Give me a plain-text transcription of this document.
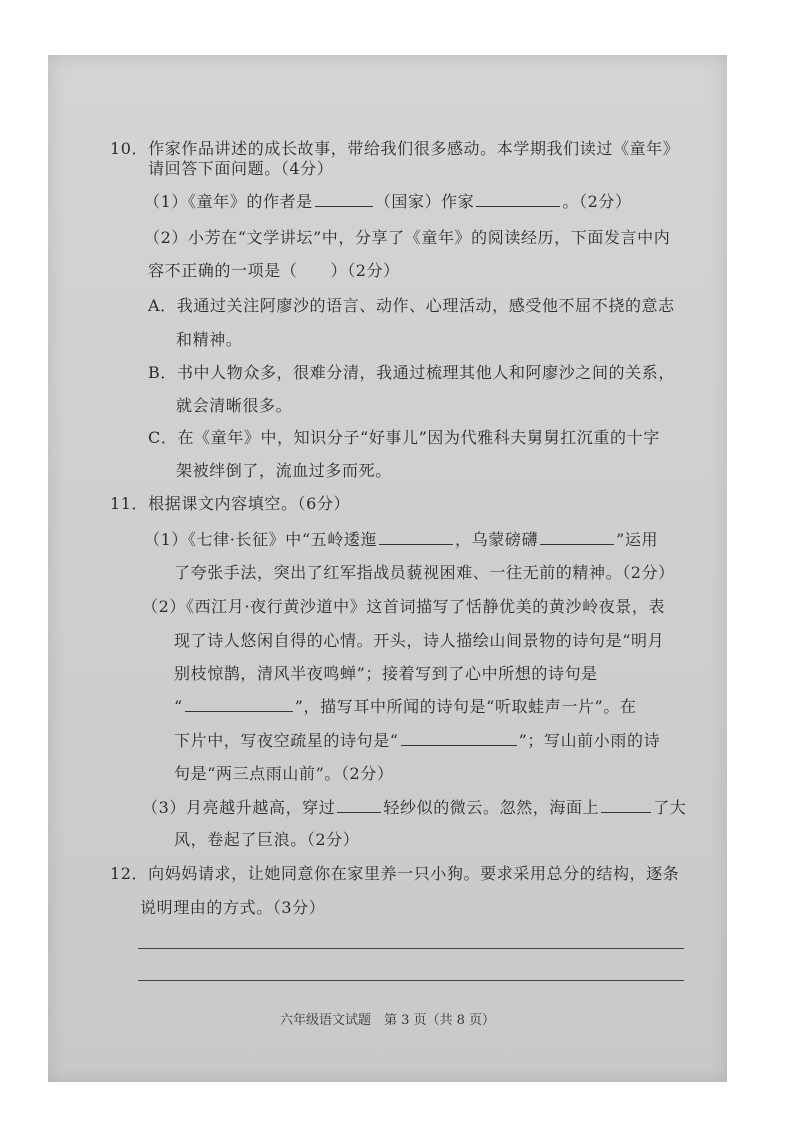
10．作家作品讲述的成长故事，带给我们很多感动。本学期我们读过《童年》
请回答下面问题。（4分）
（1）《童年》的作者是	（国家）作家	。（2分）
（2）小芳在“文学讲坛”中，分享了《童年》的阅读经历，下面发言中内
容不正确的一项是（　　）（2分）
A．我通过关注阿廖沙的语言、动作、心理活动，感受他不屈不挠的意志
和精神。
B．书中人物众多，很难分清，我通过梳理其他人和阿廖沙之间的关系，
就会清晰很多。
C．在《童年》中，知识分子“好事儿”因为代雅科夫舅舅扛沉重的十字
架被绊倒了，流血过多而死。
11．根据课文内容填空。（6分）
（1）《七律·长征》中“五岭逶迤	，乌蒙磅礴	”运用
了夸张手法，突出了红军指战员藐视困难、一往无前的精神。（2分）
（2）《西江月·夜行黄沙道中》这首词描写了恬静优美的黄沙岭夜景，表
现了诗人悠闲自得的心情。开头，诗人描绘山间景物的诗句是“明月
别枝惊鹊，清风半夜鸣蝉”；接着写到了心中所想的诗句是
“	”，描写耳中所闻的诗句是“听取蛙声一片”。在
下片中，写夜空疏星的诗句是“	”；写山前小雨的诗
句是“两三点雨山前”。（2分）
（3）月亮越升越高，穿过	轻纱似的微云。忽然，海面上	了大
风，卷起了巨浪。（2分）
12．向妈妈请求，让她同意你在家里养一只小狗。要求采用总分的结构，逐条
说明理由的方式。（3分）
六年级语文试题　第 3 页（共 8 页）
